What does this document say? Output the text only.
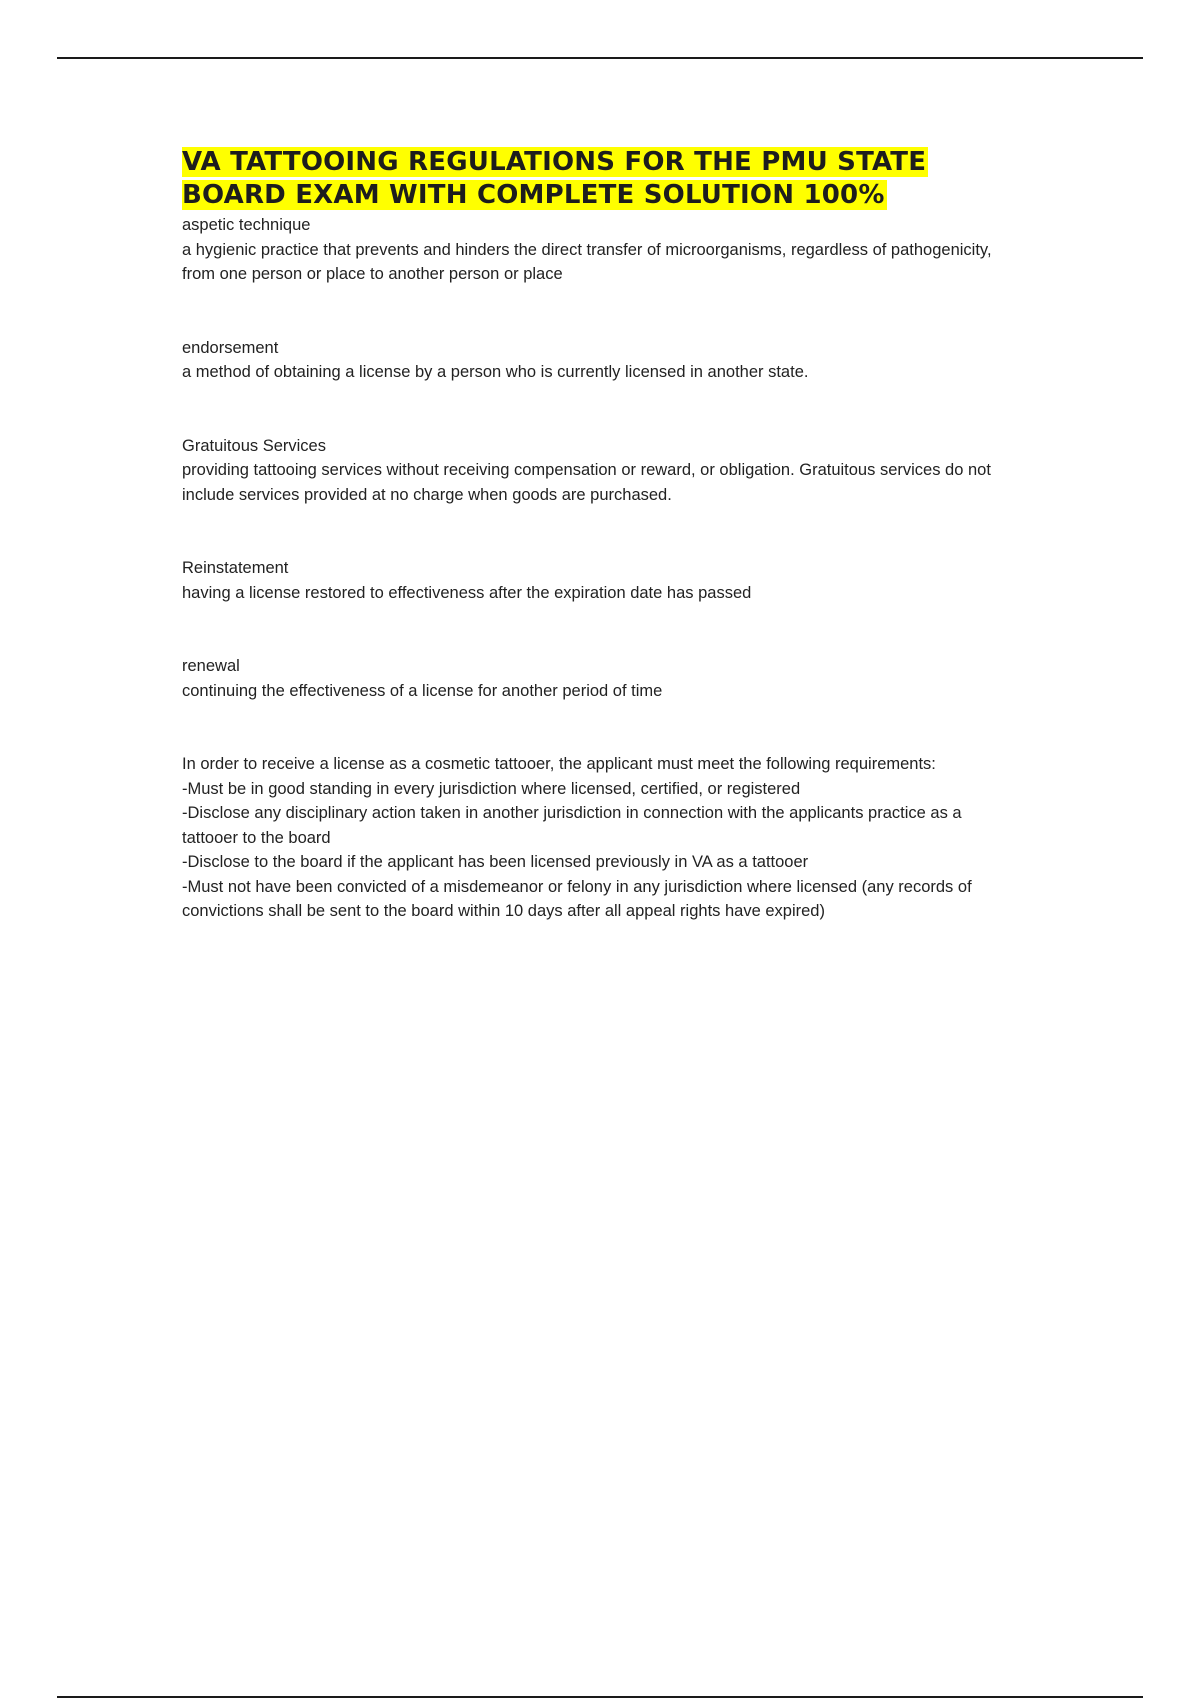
VA TATTOOING REGULATIONS FOR THE PMU STATE
BOARD EXAM WITH COMPLETE SOLUTION 100%
aspetic technique
a hygienic practice that prevents and hinders the direct transfer of microorganisms, regardless of pathogenicity, from one person or place to another person or place
endorsement
a method of obtaining a license by a person who is currently licensed in another state.
Gratuitous Services
providing tattooing services without receiving compensation or reward, or obligation. Gratuitous services do not include services provided at no charge when goods are purchased.
Reinstatement
having a license restored to effectiveness after the expiration date has passed
renewal
continuing the effectiveness of a license for another period of time
In order to receive a license as a cosmetic tattooer, the applicant must meet the following requirements:
-Must be in good standing in every jurisdiction where licensed, certified, or registered
-Disclose any disciplinary action taken in another jurisdiction in connection with the applicants practice as a tattooer to the board
-Disclose to the board if the applicant has been licensed previously in VA as a tattooer
-Must not have been convicted of a misdemeanor or felony in any jurisdiction where licensed (any records of convictions shall be sent to the board within 10 days after all appeal rights have expired)
